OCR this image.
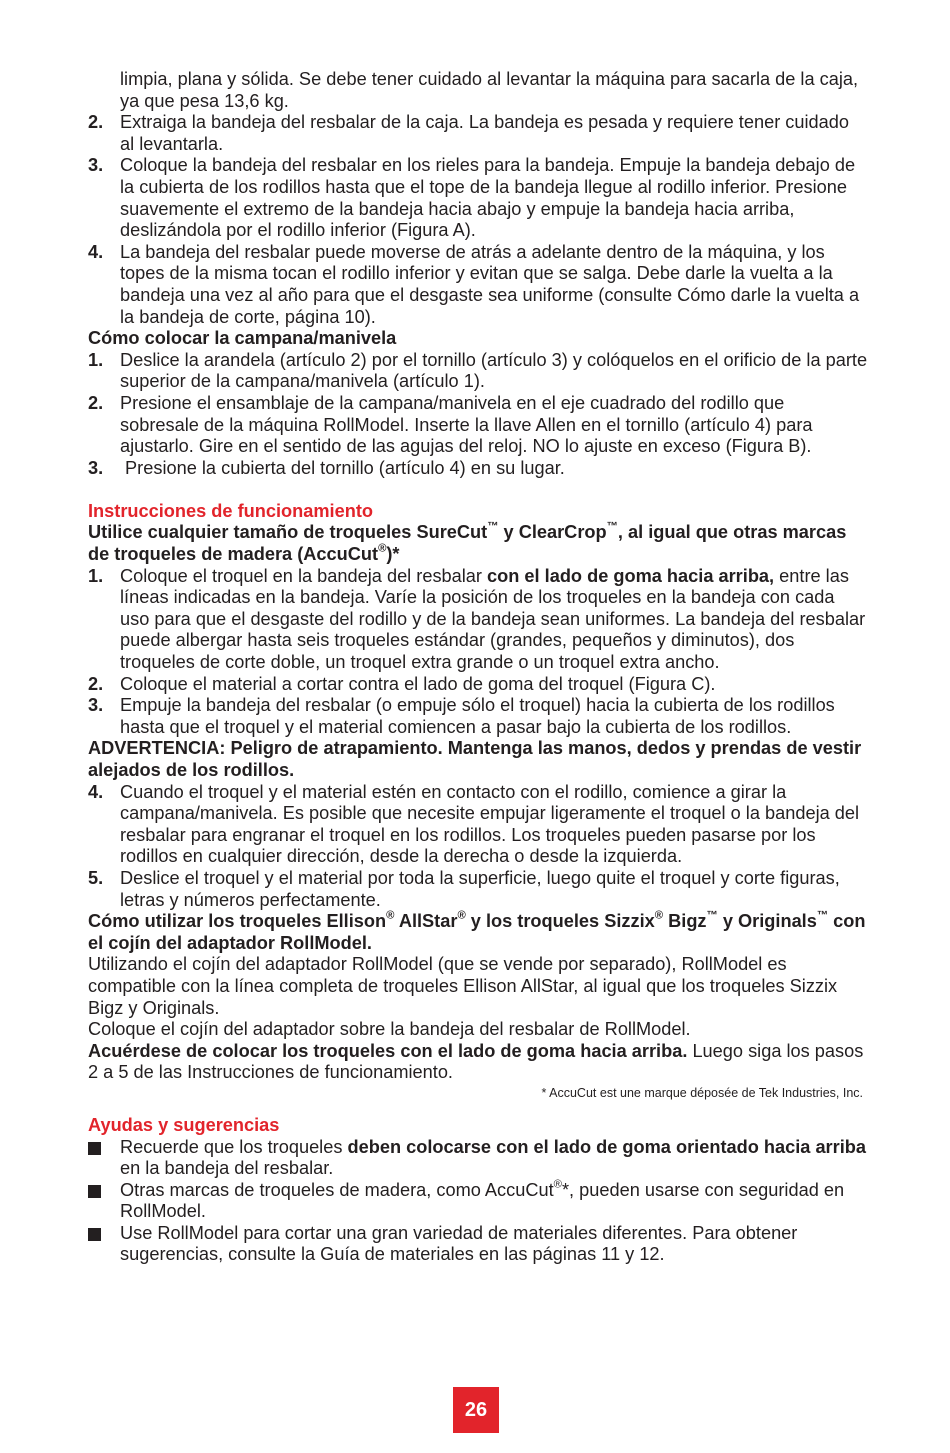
limpia, plana y sólida. Se debe tener cuidado al levantar la máquina para sacarla de la caja, ya que pesa 13,6 kg.
2. Extraiga la bandeja del resbalar de la caja. La bandeja es pesada y requiere tener cuidado al levantarla.
3. Coloque la bandeja del resbalar en los rieles para la bandeja. Empuje la bandeja debajo de la cubierta de los rodillos hasta que el tope de la bandeja llegue al rodillo inferior. Presione suavemente el extremo de la bandeja hacia abajo y empuje la bandeja hacia arriba, deslizándola por el rodillo inferior (Figura A).
4. La bandeja del resbalar puede moverse de atrás a adelante dentro de la máquina, y los topes de la misma tocan el rodillo inferior y evitan que se salga. Debe darle la vuelta a la bandeja una vez al año para que el desgaste sea uniforme (consulte Cómo darle la vuelta a la bandeja de corte, página 10).
Cómo colocar la campana/manivela
1. Deslice la arandela (artículo 2) por el tornillo (artículo 3) y colóquelos en el orificio de la parte superior de la campana/manivela (artículo 1).
2. Presione el ensamblaje de la campana/manivela en el eje cuadrado del rodillo que sobresale de la máquina RollModel. Inserte la llave Allen en el tornillo (artículo 4) para ajustarlo. Gire en el sentido de las agujas del reloj. NO lo ajuste en exceso (Figura B).
3. Presione la cubierta del tornillo (artículo 4) en su lugar.
Instrucciones de funcionamiento
Utilice cualquier tamaño de troqueles SureCut™ y ClearCrop™, al igual que otras marcas de troqueles de madera (AccuCut®)*
1. Coloque el troquel en la bandeja del resbalar con el lado de goma hacia arriba, entre las líneas indicadas en la bandeja. Varíe la posición de los troqueles en la bandeja con cada uso para que el desgaste del rodillo y de la bandeja sean uniformes. La bandeja del resbalar puede albergar hasta seis troqueles estándar (grandes, pequeños y diminutos), dos troqueles de corte doble, un troquel extra grande o un troquel extra ancho.
2. Coloque el material a cortar contra el lado de goma del troquel (Figura C).
3. Empuje la bandeja del resbalar (o empuje sólo el troquel) hacia la cubierta de los rodillos hasta que el troquel y el material comiencen a pasar bajo la cubierta de los rodillos.
ADVERTENCIA: Peligro de atrapamiento. Mantenga las manos, dedos y prendas de vestir alejados de los rodillos.
4. Cuando el troquel y el material estén en contacto con el rodillo, comience a girar la campana/manivela. Es posible que necesite empujar ligeramente el troquel o la bandeja del resbalar para engranar el troquel en los rodillos. Los troqueles pueden pasarse por los rodillos en cualquier dirección, desde la derecha o desde la izquierda.
5. Deslice el troquel y el material por toda la superficie, luego quite el troquel y corte figuras, letras y números perfectamente.
Cómo utilizar los troqueles Ellison® AllStar® y los troqueles Sizzix® Bigz™ y Originals™ con el cojín del adaptador RollModel.
Utilizando el cojín del adaptador RollModel (que se vende por separado), RollModel es compatible con la línea completa de troqueles Ellison AllStar, al igual que los troqueles Sizzix Bigz y Originals.
Coloque el cojín del adaptador sobre la bandeja del resbalar de RollModel.
Acuérdese de colocar los troqueles con el lado de goma hacia arriba. Luego siga los pasos 2 a 5 de las Instrucciones de funcionamiento.
* AccuCut est une marque déposée de Tek Industries, Inc.
Ayudas y sugerencias
Recuerde que los troqueles deben colocarse con el lado de goma orientado hacia arriba en la bandeja del resbalar.
Otras marcas de troqueles de madera, como AccuCut®*, pueden usarse con seguridad en RollModel.
Use RollModel para cortar una gran variedad de materiales diferentes. Para obtener sugerencias, consulte la Guía de materiales en las páginas 11 y 12.
26
